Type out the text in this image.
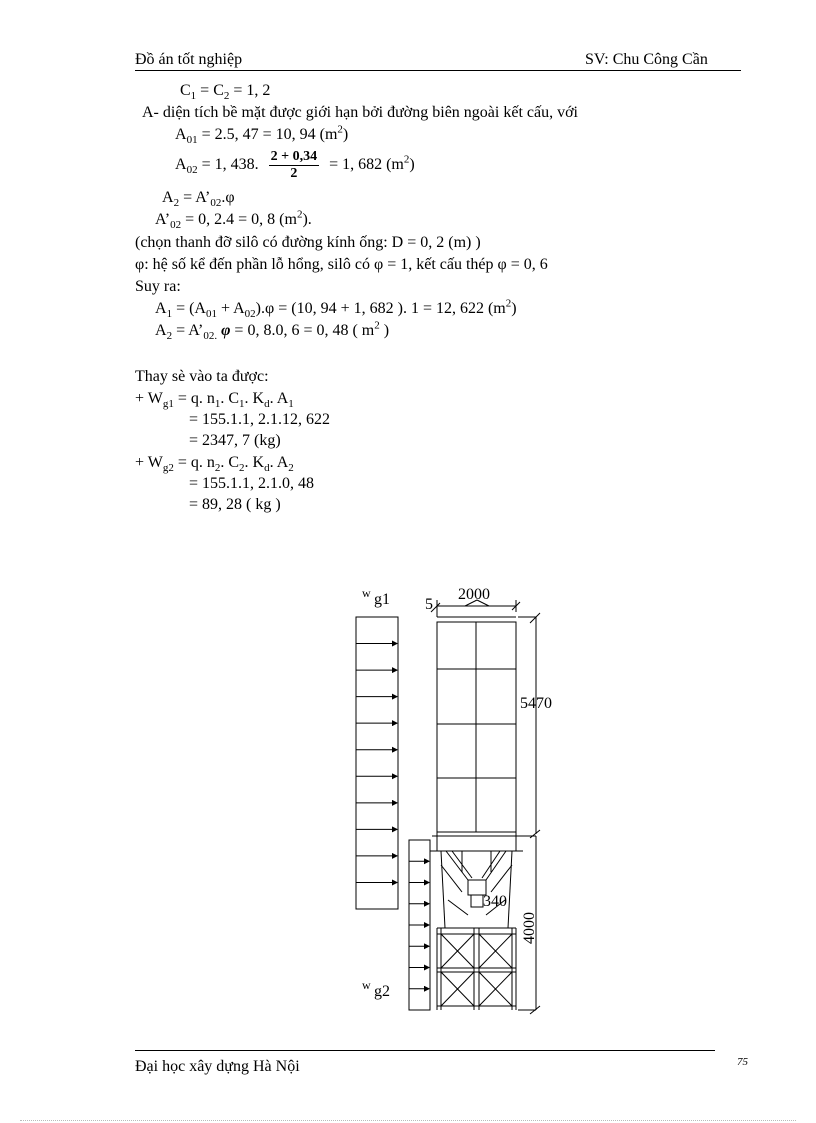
Đồ án tốt nghiệp	SV: Chu Công Cần
$C_1 = C_2 = 1$, 2
A- diện tích bề mặt được giới hạn bởi đường biên ngoài kết cấu, với
$A_{01} = 2.5$, 47 = 10, 94 $(m^2)$
$A_{02} = 1$, 438. $\frac{2 + 0,34}{2} = 1$, 682 $(m^2)$
$A_2$ = $A’_{02}.\varphi$
$A’_{02} = 0$, 2.4 = 0, 8 $(m^2)$.
(chọn thanh đỡ silô có đường kính ống: D = 0, 2 (m) )
φ: hệ số kể đến phần lỗ hổng, silô có φ = 1, kết cấu thép φ = 0, 6
Suy ra:
$A_1 = (A_{01} + A_{02}).\varphi = (10$, 94 + 1, 682 ). 1 = 12, 622 $(m^2)$
$A_2$ = $A’_{02.}$ φ = 0, 8.0, 6 = 0, 48 ( $m^2$ )
Thay sè vào ta được:
+ $W_{g1} = q$. $n_1$. $C_1$. $K_d$. $A_1$
= 155.1.1, 2.1.12, 622
= 2347, 7 (kg)
+ $W_{g2} = q$. $n_2$. $C_2$. $K_d$. $A_2$
= 155.1.1, 2.1.0, 48
= 89, 28 ( kg )
w g1
w g2
2000
5
5470
340
4000
Đại học xây dựng Hà Nội	75
